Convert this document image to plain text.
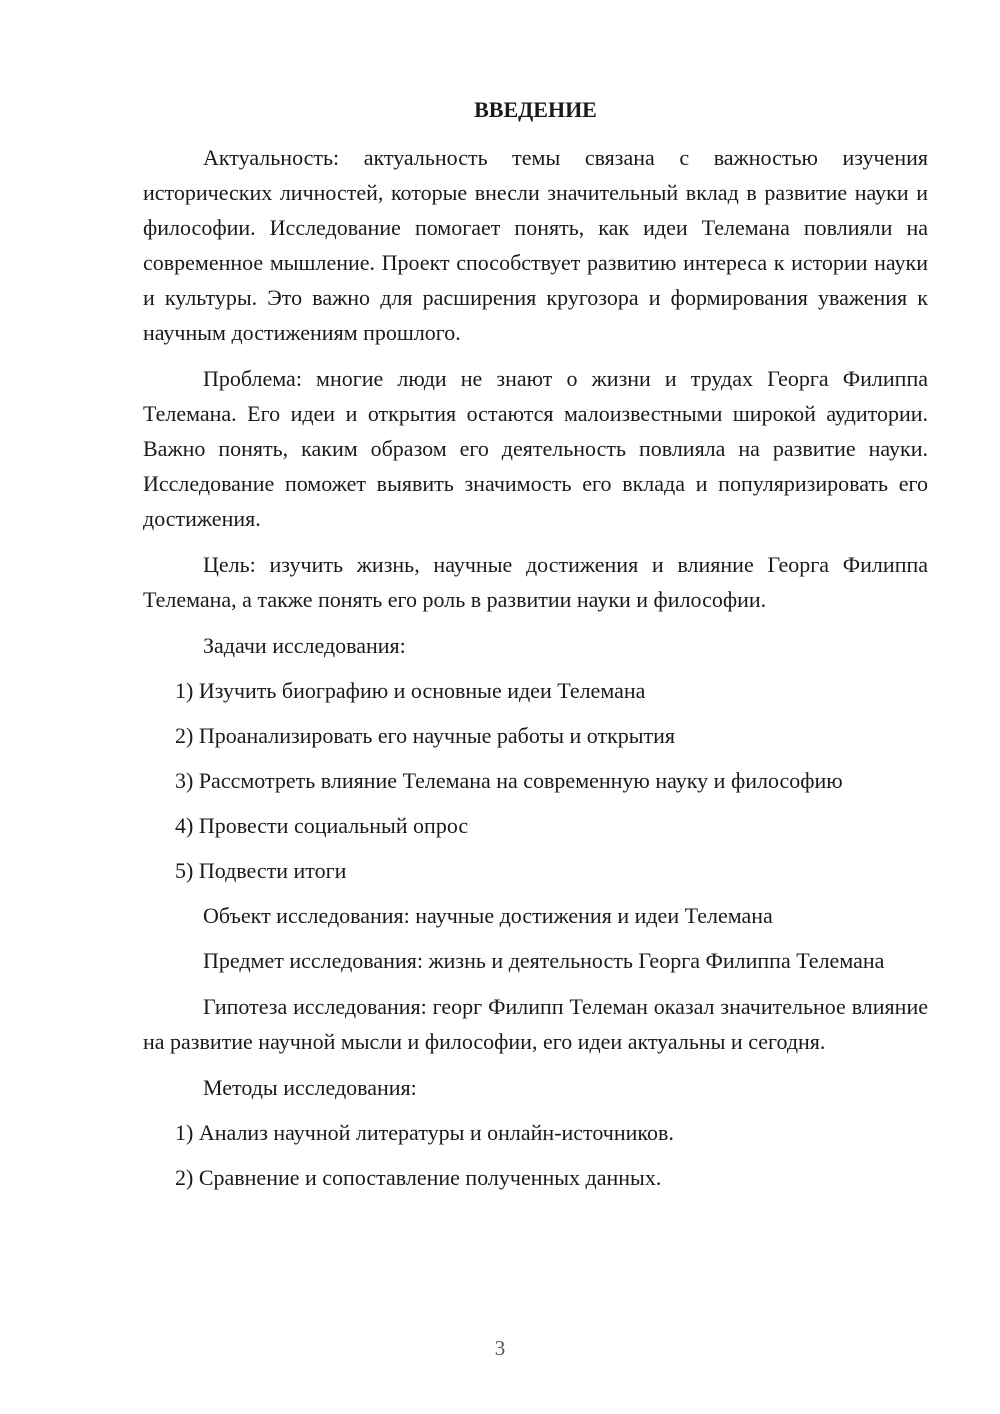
ВВЕДЕНИЕ

Актуальность: актуальность темы связана с важностью изучения исторических личностей, которые внесли значительный вклад в развитие науки и философии. Исследование помогает понять, как идеи Телемана повлияли на современное мышление. Проект способствует развитию интереса к истории науки и культуры. Это важно для расширения кругозора и формирования уважения к научным достижениям прошлого.

Проблема: многие люди не знают о жизни и трудах Георга Филиппа Телемана. Его идеи и открытия остаются малоизвестными широкой аудитории. Важно понять, каким образом его деятельность повлияла на развитие науки. Исследование поможет выявить значимость его вклада и популяризировать его достижения.

Цель: изучить жизнь, научные достижения и влияние Георга Филиппа Телемана, а также понять его роль в развитии науки и философии.

Задачи исследования:

1) Изучить биографию и основные идеи Телемана

2) Проанализировать его научные работы и открытия

3) Рассмотреть влияние Телемана на современную науку и философию

4) Провести социальный опрос

5) Подвести итоги

Объект исследования: научные достижения и идеи Телемана

Предмет исследования: жизнь и деятельность Георга Филиппа Телемана

Гипотеза исследования: георг Филипп Телеман оказал значительное влияние на развитие научной мысли и философии, его идеи актуальны и сегодня.

Методы исследования:

1) Анализ научной литературы и онлайн-источников.

2) Сравнение и сопоставление полученных данных.

3
